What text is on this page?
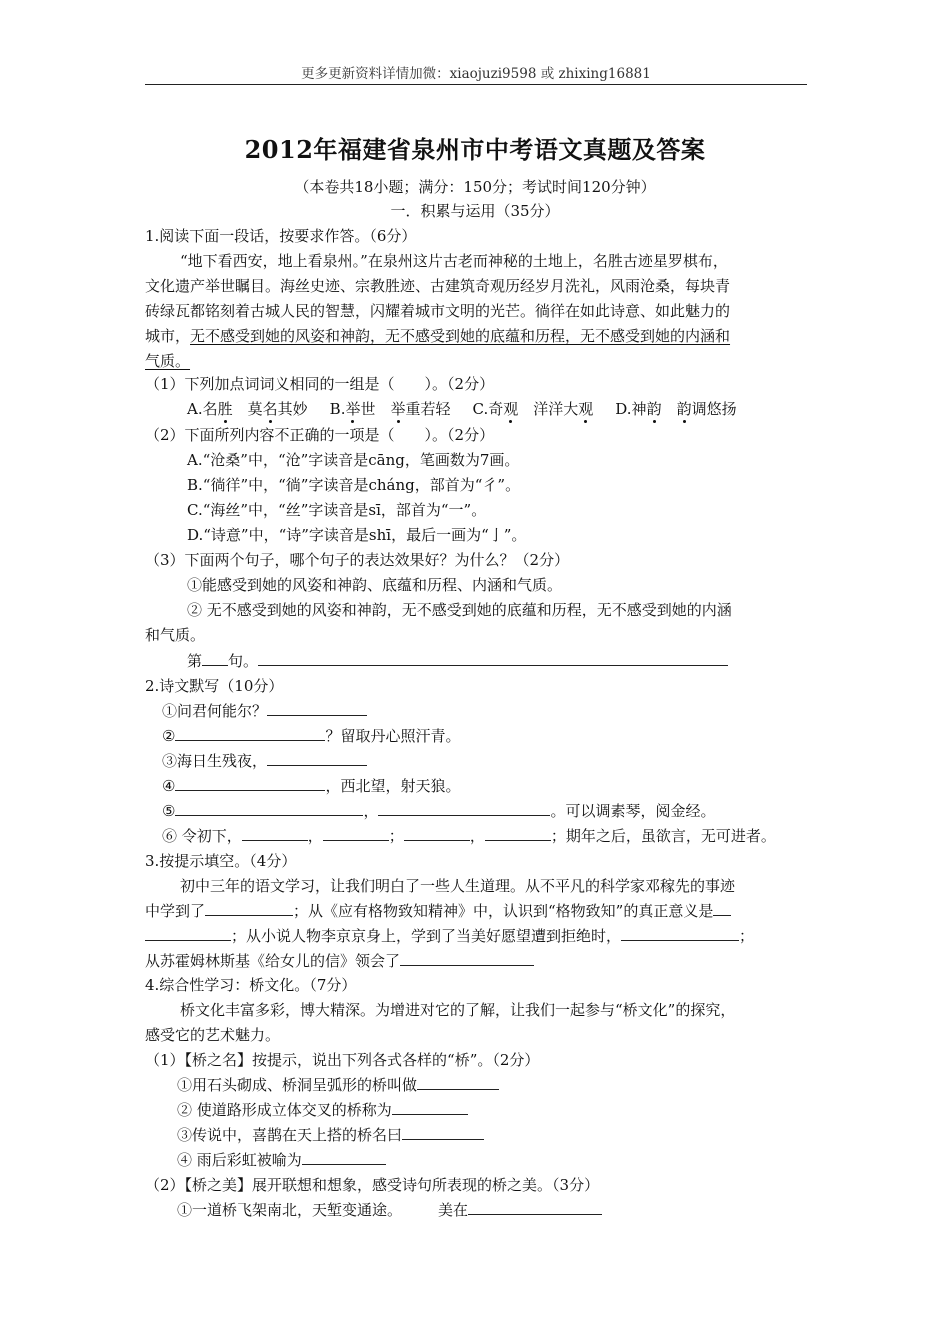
更多更新资料详情加微：xiaojuzi9598 或 zhixing16881
2012年福建省泉州市中考语文真题及答案
（本卷共18小题；满分：150分；考试时间120分钟）
一．积累与运用（35分）
1.阅读下面一段话，按要求作答。（6分）
“地下看西安，地上看泉州。”在泉州这片古老而神秘的土地上，名胜古迹星罗棋布，
文化遗产举世瞩目。海丝史迹、宗教胜迹、古建筑奇观历经岁月洗礼，风雨沧桑，每块青
砖绿瓦都铭刻着古城人民的智慧，闪耀着城市文明的光芒。徜徉在如此诗意、如此魅力的
城市，无不感受到她的风姿和神韵，无不感受到她的底蕴和历程，无不感受到她的内涵和
气质。
（1）下列加点词词义相同的一组是（　　）。（2分）
A.名胜　莫名其妙 B.举世　举重若轻 C.奇观　洋洋大观 D.神韵　 韵调悠扬
（2）下面所列内容不正确的一项是（　　）。（2分）
A.“沧桑”中，“沧”字读音是cāng，笔画数为7画。
B.“徜徉”中，“徜”字读音是cháng，部首为“彳”。
C.“海丝”中，“丝”字读音是sī，部首为“一”。
D.“诗意”中，“诗”字读音是shī，最后一画为“亅”。
（3）下面两个句子，哪个句子的表达效果好？为什么？（2分）
①能感受到她的风姿和神韵、底蕴和历程、内涵和气质。
② 无不感受到她的风姿和神韵，无不感受到她的底蕴和历程，无不感受到她的内涵
和气质。
第 句。
2.诗文默写（10分）
①问君何能尔？
②	？留取丹心照汗青。
③海日生残夜，
④	，西北望，射天狼。
⑤	，	。可以调素琴，阅金经。
⑥ 令初下，	，	；	，	；期年之后，虽欲言，无可进者。
3.按提示填空。（4分）
初中三年的语文学习，让我们明白了一些人生道理。从不平凡的科学家邓稼先的事迹
中学到了	；从《应有格物致知精神》中，认识到“格物致知”的真正意义是
；从小说人物李京京身上，学到了当美好愿望遭到拒绝时，	；
从苏霍姆林斯基《给女儿的信》领会了
4.综合性学习：桥文化。（7分）
桥文化丰富多彩，博大精深。为增进对它的了解，让我们一起参与“桥文化”的探究，
感受它的艺术魅力。
（1）【桥之名】按提示，说出下列各式各样的“桥”。（2分）
①用石头砌成、桥洞呈弧形的桥叫做
② 使道路形成立体交叉的桥称为
③传说中，喜鹊在天上搭的桥名曰
④ 雨后彩虹被喻为
（2）【桥之美】展开联想和想象，感受诗句所表现的桥之美。（3分）
①一道桥飞架南北，天堑变通途。 美在
